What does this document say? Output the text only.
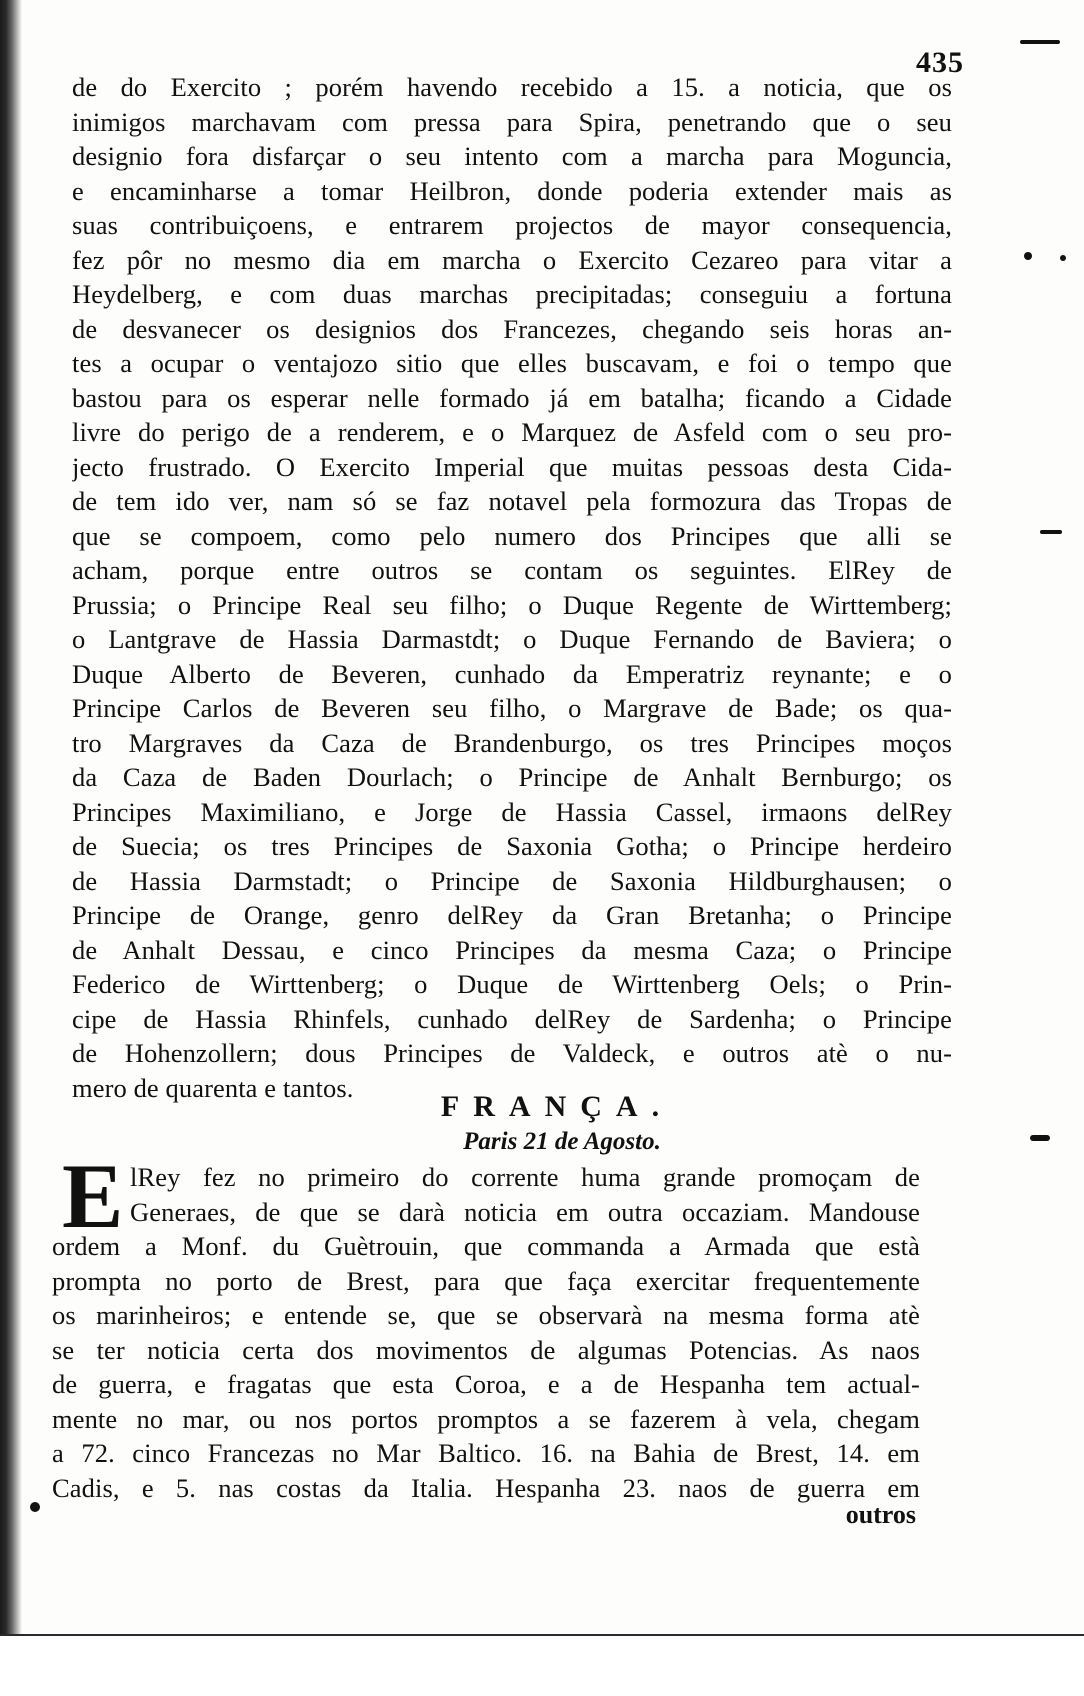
435
de do Exercito ; porém havendo recebido a 15. a noticia, que os
inimigos marchavam com pressa para Spira, penetrando que o seu
designio fora disfarçar o seu intento com a marcha para Moguncia,
e encaminharse a tomar Heilbron, donde poderia extender mais as
suas contribuiçoens, e entrarem projectos de mayor consequencia,
fez pôr no mesmo dia em marcha o Exercito Cezareo para vitar a
Heydelberg, e com duas marchas precipitadas; conseguiu a fortuna
de desvanecer os designios dos Francezes, chegando seis horas an-
tes a ocupar o ventajozo sitio que elles buscavam, e foi o tempo que
bastou para os esperar nelle formado já em batalha; ficando a Cidade
livre do perigo de a renderem, e o Marquez de Asfeld com o seu pro-
jecto frustrado. O Exercito Imperial que muitas pessoas desta Cida-
de tem ido ver, nam só se faz notavel pela formozura das Tropas de
que se compoem, como pelo numero dos Principes que alli se
acham, porque entre outros se contam os seguintes. ElRey de
Prussia; o Principe Real seu filho; o Duque Regente de Wirttemberg;
o Lantgrave de Hassia Darmastdt; o Duque Fernando de Baviera; o
Duque Alberto de Beveren, cunhado da Emperatriz reynante; e o
Principe Carlos de Beveren seu filho, o Margrave de Bade; os qua-
tro Margraves da Caza de Brandenburgo, os tres Principes moços
da Caza de Baden Dourlach; o Principe de Anhalt Bernburgo; os
Principes Maximiliano, e Jorge de Hassia Cassel, irmaons delRey
de Suecia; os tres Principes de Saxonia Gotha; o Principe herdeiro
de Hassia Darmstadt; o Principe de Saxonia Hildburghausen; o
Principe de Orange, genro delRey da Gran Bretanha; o Principe
de Anhalt Dessau, e cinco Principes da mesma Caza; o Principe
Federico de Wirttenberg; o Duque de Wirttenberg Oels; o Prin-
cipe de Hassia Rhinfels, cunhado delRey de Sardenha; o Principe
de Hohenzollern; dous Principes de Valdeck, e outros atè o nu-
mero de quarenta e tantos.
FRANÇA.
Paris 21 de Agosto.
E lRey fez no primeiro do corrente huma grande promoçam de
Generaes, de que se darà noticia em outra occaziam. Mandouse
ordem a Monf. du Guètrouin, que commanda a Armada que està
prompta no porto de Brest, para que faça exercitar frequentemente
os marinheiros; e entende se, que se observarà na mesma forma atè
se ter noticia certa dos movimentos de algumas Potencias. As naos
de guerra, e fragatas que esta Coroa, e a de Hespanha tem actual-
mente no mar, ou nos portos promptos a se fazerem à vela, chegam
a 72. cinco Francezas no Mar Baltico. 16. na Bahia de Brest, 14. em
Cadis, e 5. nas costas da Italia. Hespanha 23. naos de guerra em
outros
